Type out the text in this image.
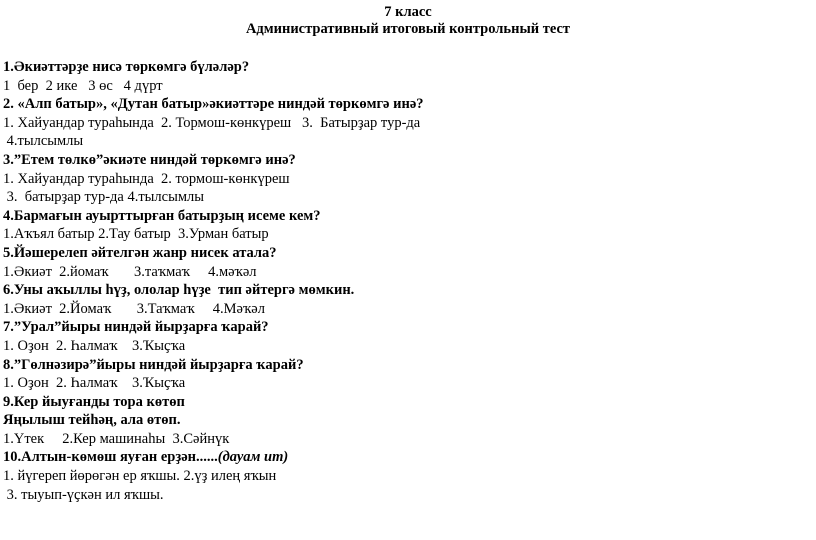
7 класс
Административный итоговый контрольный тест
1.Әкиәттәрҙе нисә төркөмгә бүләләр?
1  бер  2 ике   3 өс   4 дүрт
2. «Алп батыр», «Дутан батыр»әкиәттәре ниндәй төркөмгә инә?
1. Хайуандар тураһында  2. Тормош-көнкүреш   3.  Батырҙар тур-да
4.тылсымлы
3.”Етем төлкө”әкиәте ниндәй төркөмгә инә?
1. Хайуандар тураһында  2. тормош-көнкүреш
3.  батырҙар тур-да 4.тылсымлы
4.Бармағын ауырттырған батырҙың исеме кем?
1.Аҡъял батыр 2.Тау батыр  3.Урман батыр
5.Йәшерелеп әйтелгән жанр нисек атала?
1.Әкиәт  2.йомаҡ       3.таҡмаҡ     4.мәҡәл
6.Уны аҡыллы һүҙ, ололар һүҙе  тип әйтергә мөмкин.
1.Әкиәт  2.Йомаҡ       3.Таҡмаҡ     4.Мәҡәл
7.”Урал”йыры ниндәй йырҙарға ҡарай?
1. Оҙон  2. Һалмаҡ    3.Ҡыҫҡа
8.”Гөлнәзирә”йыры ниндәй йырҙарға ҡарай?
1. Оҙон  2. Һалмаҡ    3.Ҡыҫҡа
9.Кер йыуғанды тора көтөп
Яңылыш тейһәң, ала өтөп.
1.Үтек     2.Кер машинаһы  3.Сәйнүк
10.Алтын-көмөш яуған ерҙән......(дауам ит)
1. йүгереп йөрөгән ер яҡшы. 2.үҙ илең яҡын
3. тыуып-үҫкән ил яҡшы.
